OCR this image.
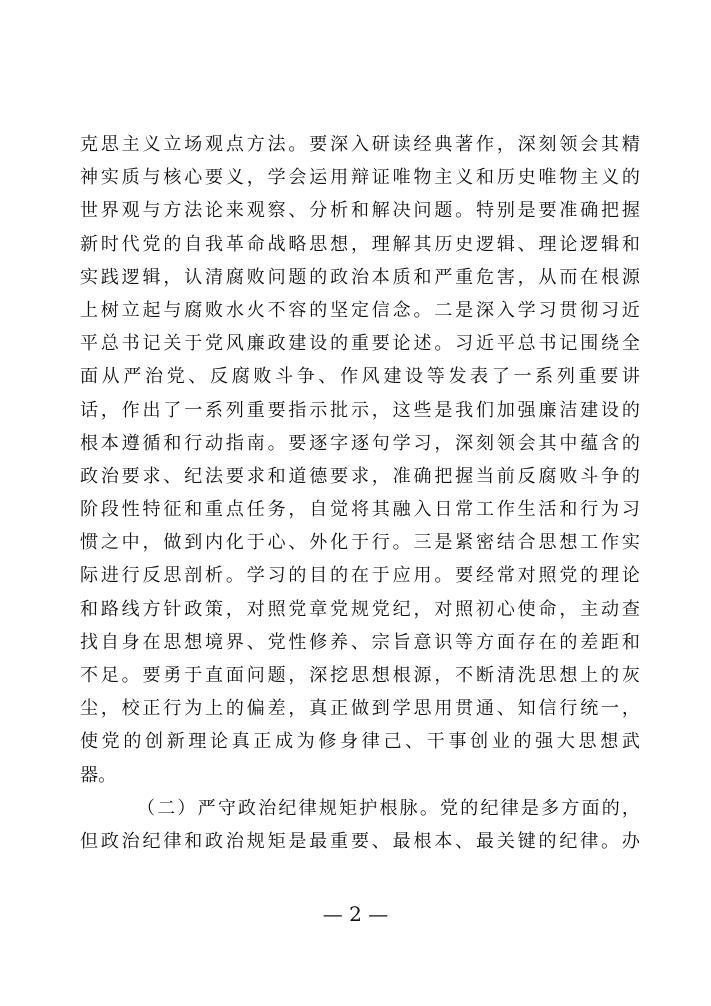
克思主义立场观点方法。要深入研读经典著作，深刻领会其精
神实质与核心要义，学会运用辩证唯物主义和历史唯物主义的
世界观与方法论来观察、分析和解决问题。特别是要准确把握
新时代党的自我革命战略思想，理解其历史逻辑、理论逻辑和
实践逻辑，认清腐败问题的政治本质和严重危害，从而在根源
上树立起与腐败水火不容的坚定信念。二是深入学习贯彻习近
平总书记关于党风廉政建设的重要论述。习近平总书记围绕全
面从严治党、反腐败斗争、作风建设等发表了一系列重要讲
话，作出了一系列重要指示批示，这些是我们加强廉洁建设的
根本遵循和行动指南。要逐字逐句学习，深刻领会其中蕴含的
政治要求、纪法要求和道德要求，准确把握当前反腐败斗争的
阶段性特征和重点任务，自觉将其融入日常工作生活和行为习
惯之中，做到内化于心、外化于行。三是紧密结合思想工作实
际进行反思剖析。学习的目的在于应用。要经常对照党的理论
和路线方针政策，对照党章党规党纪，对照初心使命，主动查
找自身在思想境界、党性修养、宗旨意识等方面存在的差距和
不足。要勇于直面问题，深挖思想根源，不断清洗思想上的灰
尘，校正行为上的偏差，真正做到学思用贯通、知信行统一，
使党的创新理论真正成为修身律己、干事创业的强大思想武
器。
（二）严守政治纪律规矩护根脉。党的纪律是多方面的，
但政治纪律和政治规矩是最重要、最根本、最关键的纪律。办
— 2 —
